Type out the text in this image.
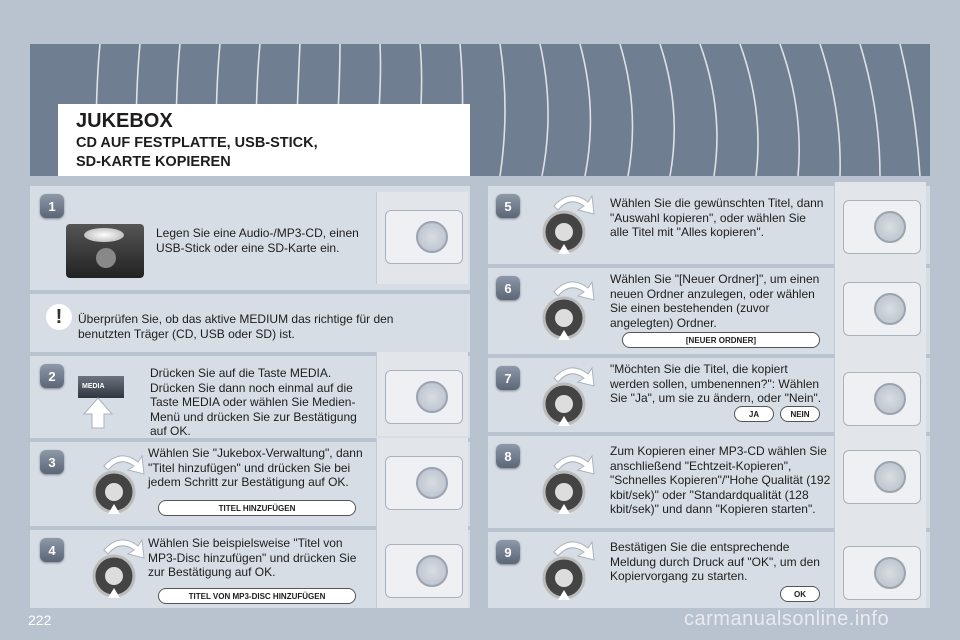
JUKEBOX
CD AUF FESTPLATTE, USB-STICK,
SD-KARTE KOPIEREN
1
Legen Sie eine Audio-/MP3-CD, einen USB-Stick oder eine SD-Karte ein.
!	Überprüfen Sie, ob das aktive MEDIUM das richtige für den benutzten Träger (CD, USB oder SD) ist.
2
MEDIA
Drücken Sie auf die Taste MEDIA. Drücken Sie dann noch einmal auf die Taste MEDIA oder wählen Sie Medien-Menü und drücken Sie zur Bestätigung auf OK.
3
Wählen Sie "Jukebox-Verwaltung", dann "Titel hinzufügen" und drücken Sie bei jedem Schritt zur Bestätigung auf OK.
TITEL HINZUFÜGEN
4	Wählen Sie beispielsweise "Titel von MP3-Disc hinzufügen" und drücken Sie zur Bestätigung auf OK.
TITEL VON MP3-DISC HINZUFÜGEN
5	Wählen Sie die gewünschten Titel, dann "Auswahl kopieren", oder wählen Sie alle Titel mit "Alles kopieren".
6
Wählen Sie "[Neuer Ordner]", um einen neuen Ordner anzulegen, oder wählen Sie einen bestehenden (zuvor angelegten) Ordner.
[NEUER ORDNER]
7
"Möchten Sie die Titel, die kopiert werden sollen, umbenennen?": Wählen Sie "Ja", um sie zu ändern, oder "Nein".
JA	NEIN
8	Zum Kopieren einer MP3-CD wählen Sie anschließend "Echtzeit-Kopieren", "Schnelles Kopieren"/"Hohe Qualität (192 kbit/sek)" oder "Standardqualität (128 kbit/sek)" und dann "Kopieren starten".
9	Bestätigen Sie die entsprechende Meldung durch Druck auf "OK", um den Kopiervorgang zu starten.
OK
222	carmanualsonline.info
